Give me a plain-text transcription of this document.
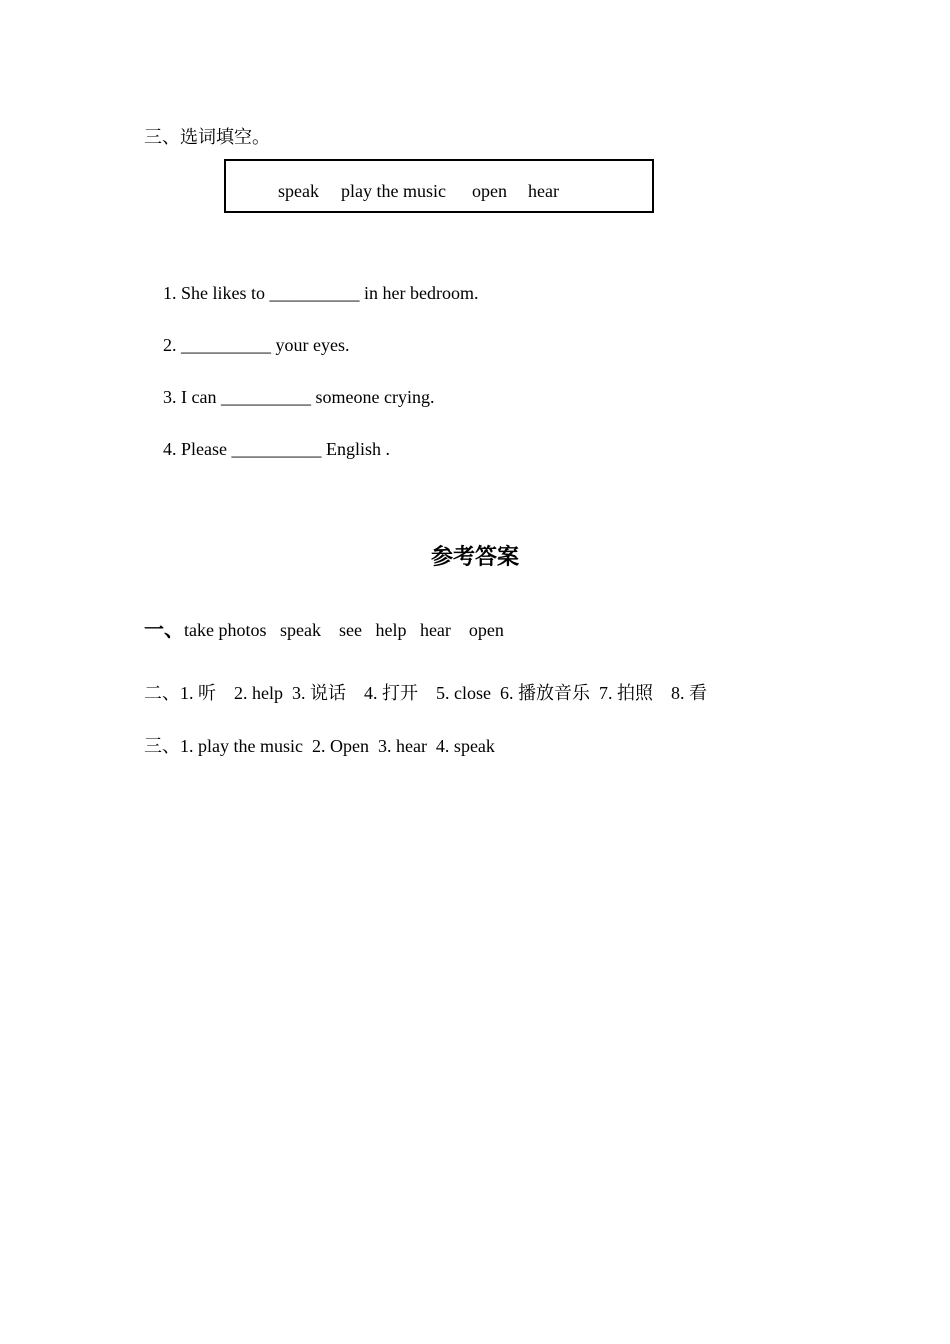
三、选词填空。
speak play the music open hear
1. She likes to __________ in her bedroom.
2. __________ your eyes.
3. I can __________ someone crying.
4. Please __________ English .
参考答案
一、take photos   speak    see   help   hear    open
二、1. 听    2. help  3. 说话    4. 打开    5. close  6. 播放音乐  7. 拍照    8. 看
三、1. play the music  2. Open  3. hear  4. speak
